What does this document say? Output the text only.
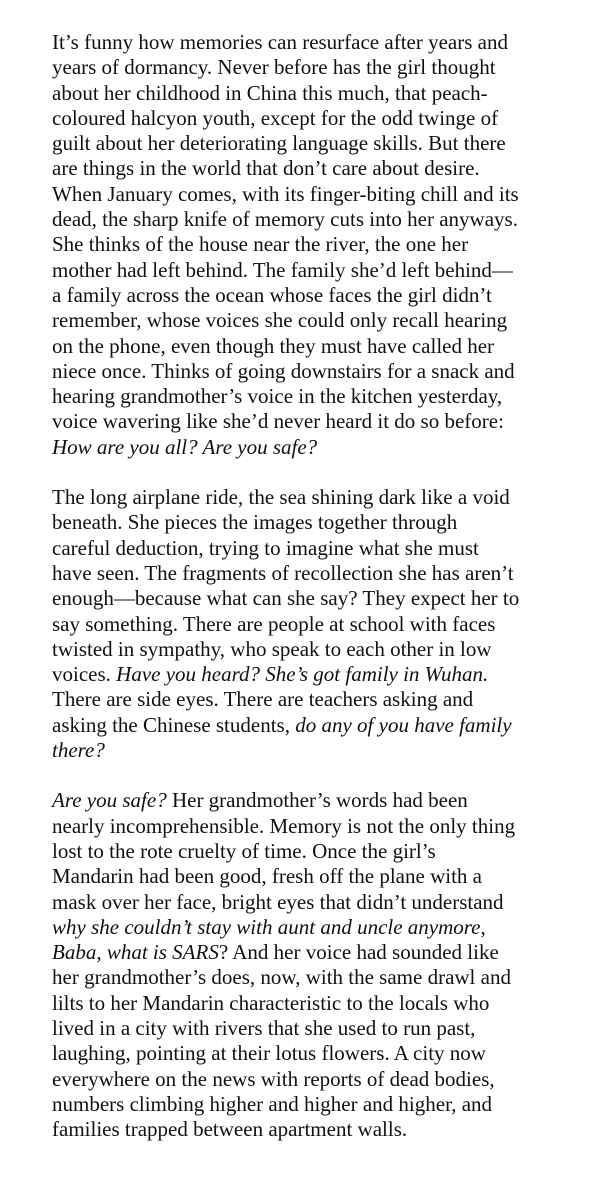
It’s funny how memories can resurface after years and
years of dormancy. Never before has the girl thought
about her childhood in China this much, that peach-
coloured halcyon youth, except for the odd twinge of
guilt about her deteriorating language skills. But there
are things in the world that don’t care about desire.
When January comes, with its finger-biting chill and its
dead, the sharp knife of memory cuts into her anyways.
She thinks of the house near the river, the one her
mother had left behind. The family she’d left behind—
a family across the ocean whose faces the girl didn’t
remember, whose voices she could only recall hearing
on the phone, even though they must have called her
niece once. Thinks of going downstairs for a snack and
hearing grandmother’s voice in the kitchen yesterday,
voice wavering like she’d never heard it do so before:
How are you all? Are you safe?

The long airplane ride, the sea shining dark like a void
beneath. She pieces the images together through
careful deduction, trying to imagine what she must
have seen. The fragments of recollection she has aren’t
enough—because what can she say? They expect her to
say something. There are people at school with faces
twisted in sympathy, who speak to each other in low
voices. Have you heard? She’s got family in Wuhan.
There are side eyes. There are teachers asking and
asking the Chinese students, do any of you have family
there?

Are you safe? Her grandmother’s words had been
nearly incomprehensible. Memory is not the only thing
lost to the rote cruelty of time. Once the girl’s
Mandarin had been good, fresh off the plane with a
mask over her face, bright eyes that didn’t understand
why she couldn’t stay with aunt and uncle anymore,
Baba, what is SARS? And her voice had sounded like
her grandmother’s does, now, with the same drawl and
lilts to her Mandarin characteristic to the locals who
lived in a city with rivers that she used to run past,
laughing, pointing at their lotus flowers. A city now
everywhere on the news with reports of dead bodies,
numbers climbing higher and higher and higher, and
families trapped between apartment walls.
